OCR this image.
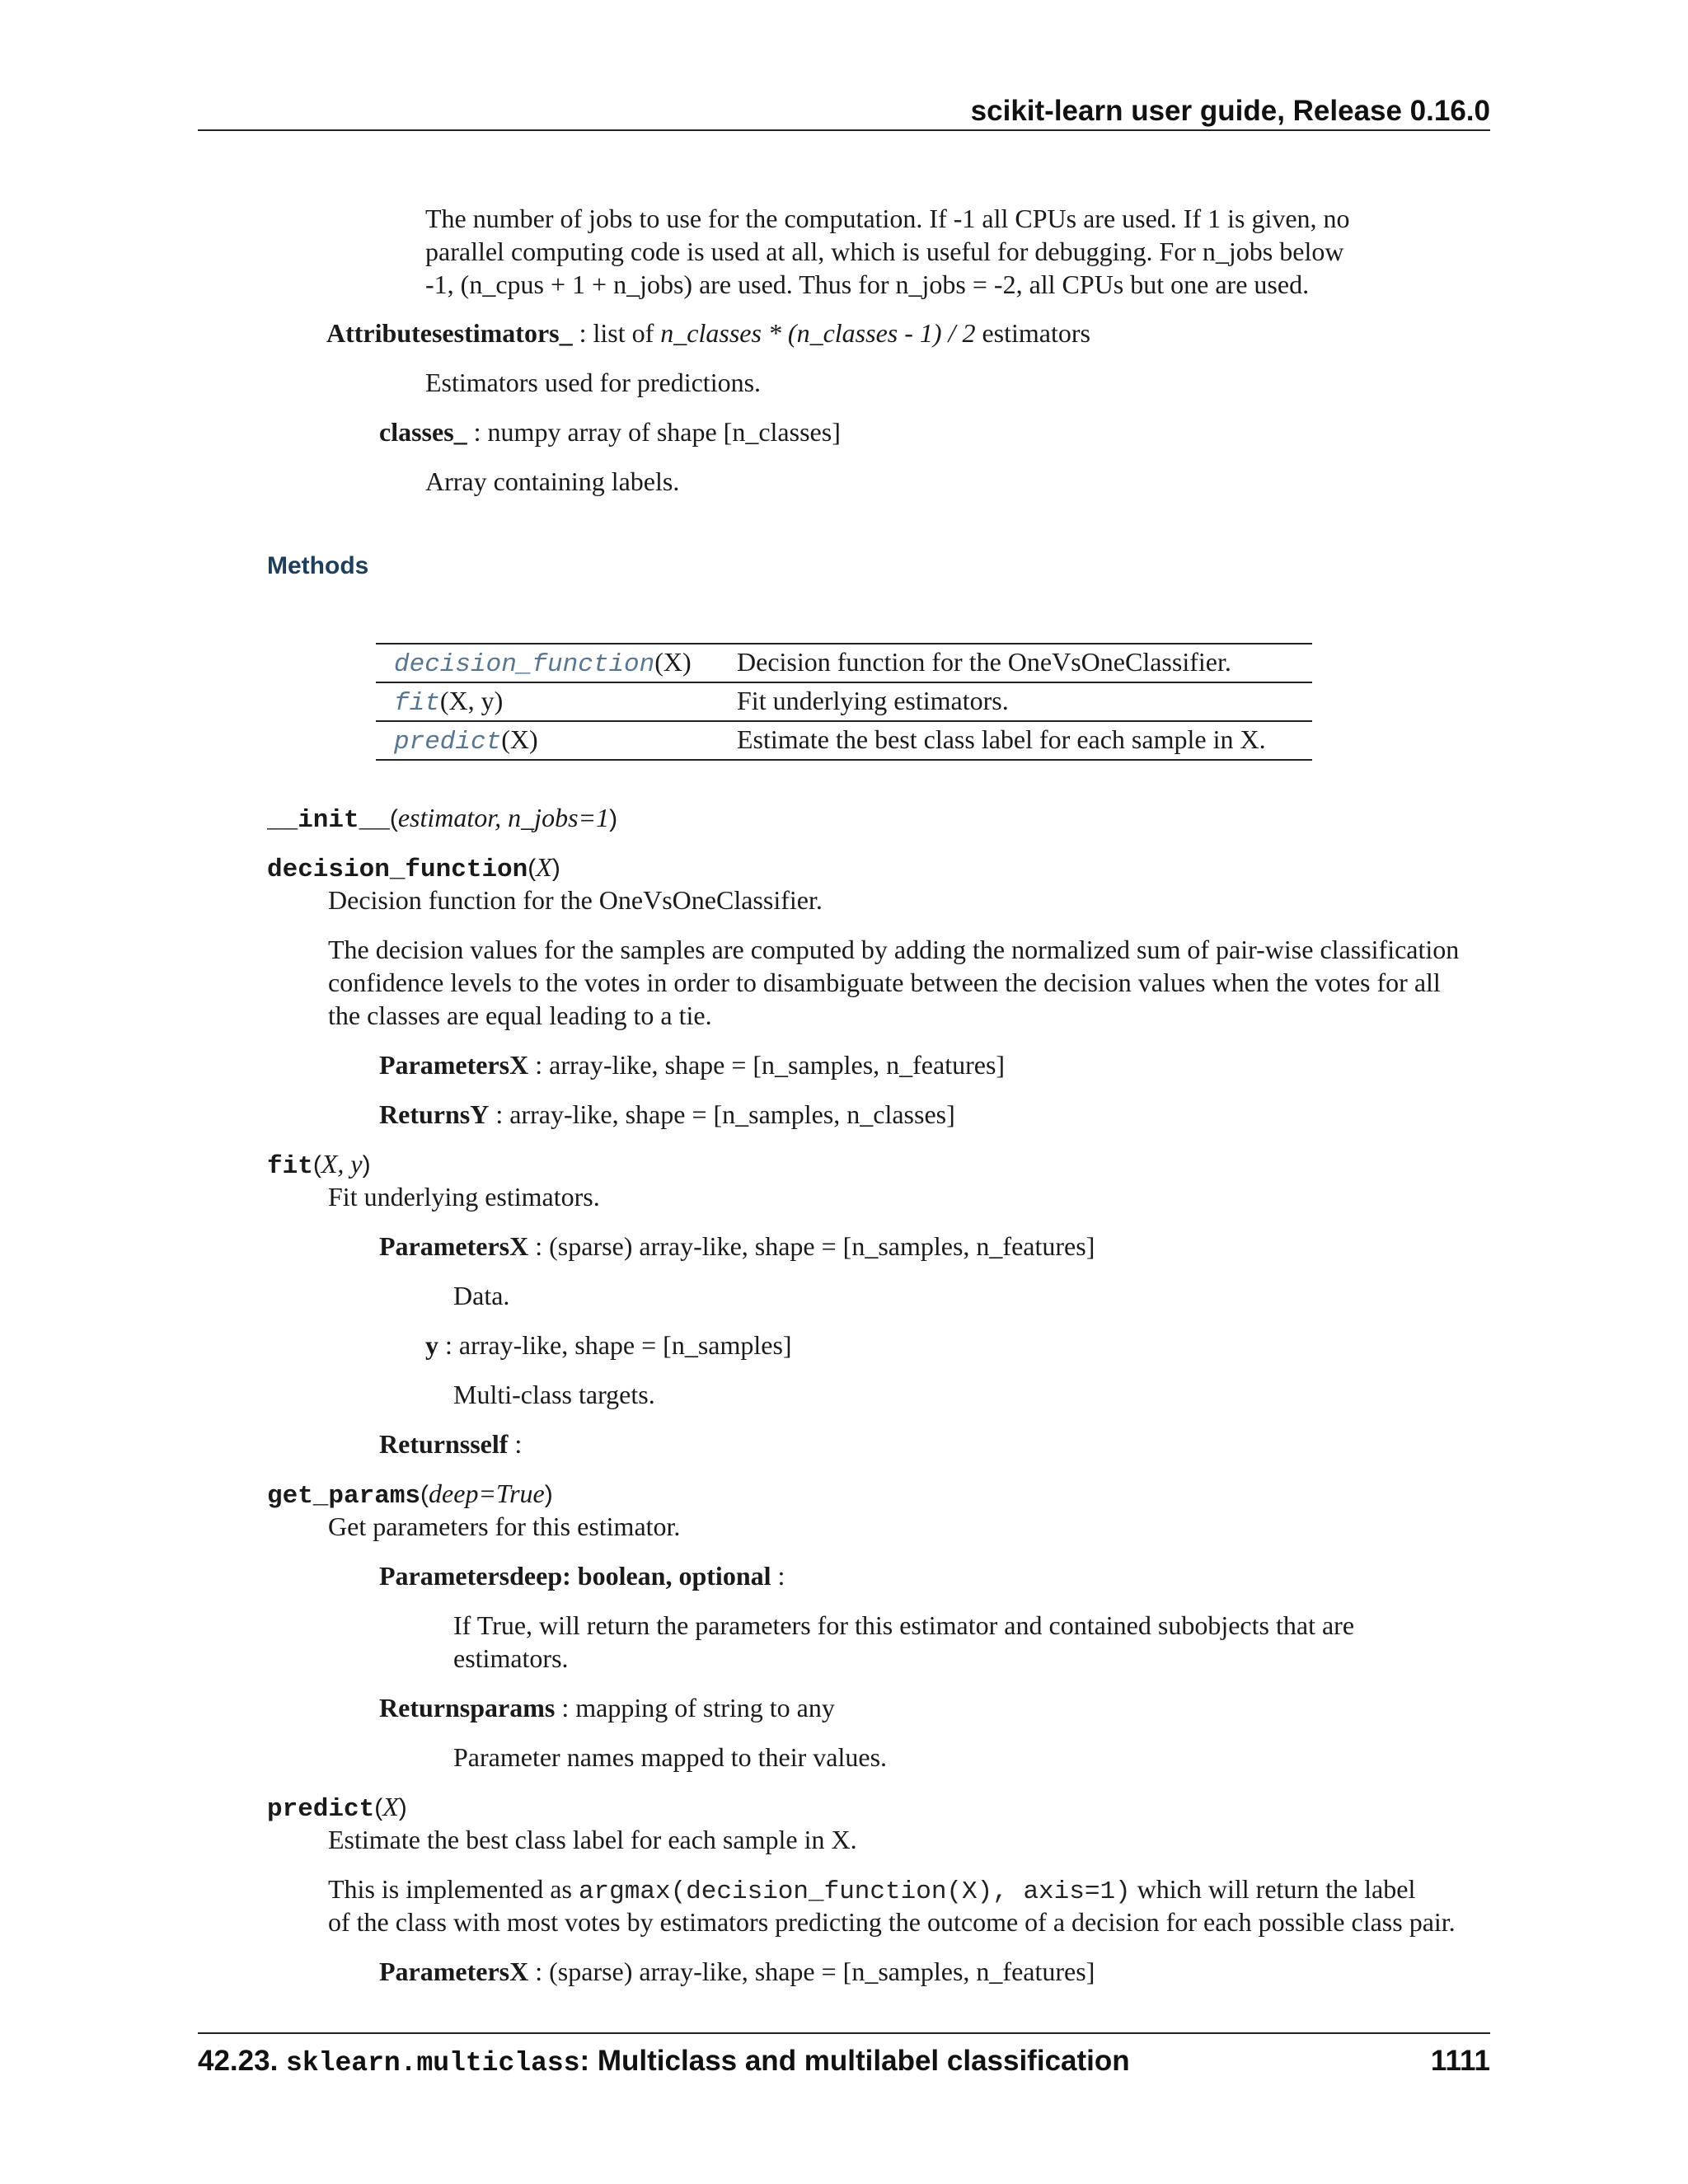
scikit-learn user guide, Release 0.16.0
The number of jobs to use for the computation. If -1 all CPUs are used. If 1 is given, no
parallel computing code is used at all, which is useful for debugging. For n_jobs below
-1, (n_cpus + 1 + n_jobs) are used. Thus for n_jobs = -2, all CPUs but one are used.
Attributesestimators_ : list of n_classes * (n_classes - 1) / 2 estimators
Estimators used for predictions.
classes_ : numpy array of shape [n_classes]
Array containing labels.
Methods
decision_function(X)	Decision function for the OneVsOneClassifier.
fit(X, y)	Fit underlying estimators.
predict(X)	Estimate the best class label for each sample in X.
__init__(estimator, n_jobs=1)
decision_function(X)
Decision function for the OneVsOneClassifier.
The decision values for the samples are computed by adding the normalized sum of pair-wise classification
confidence levels to the votes in order to disambiguate between the decision values when the votes for all
the classes are equal leading to a tie.
ParametersX : array-like, shape = [n_samples, n_features]
ReturnsY : array-like, shape = [n_samples, n_classes]
fit(X, y)
Fit underlying estimators.
ParametersX : (sparse) array-like, shape = [n_samples, n_features]
Data.
y : array-like, shape = [n_samples]
Multi-class targets.
Returnsself :
get_params(deep=True)
Get parameters for this estimator.
Parametersdeep: boolean, optional :
If True, will return the parameters for this estimator and contained subobjects that are
estimators.
Returnsparams : mapping of string to any
Parameter names mapped to their values.
predict(X)
Estimate the best class label for each sample in X.
This is implemented as argmax(decision_function(X), axis=1) which will return the label
of the class with most votes by estimators predicting the outcome of a decision for each possible class pair.
ParametersX : (sparse) array-like, shape = [n_samples, n_features]
42.23. sklearn.multiclass: Multiclass and multilabel classification	1111
